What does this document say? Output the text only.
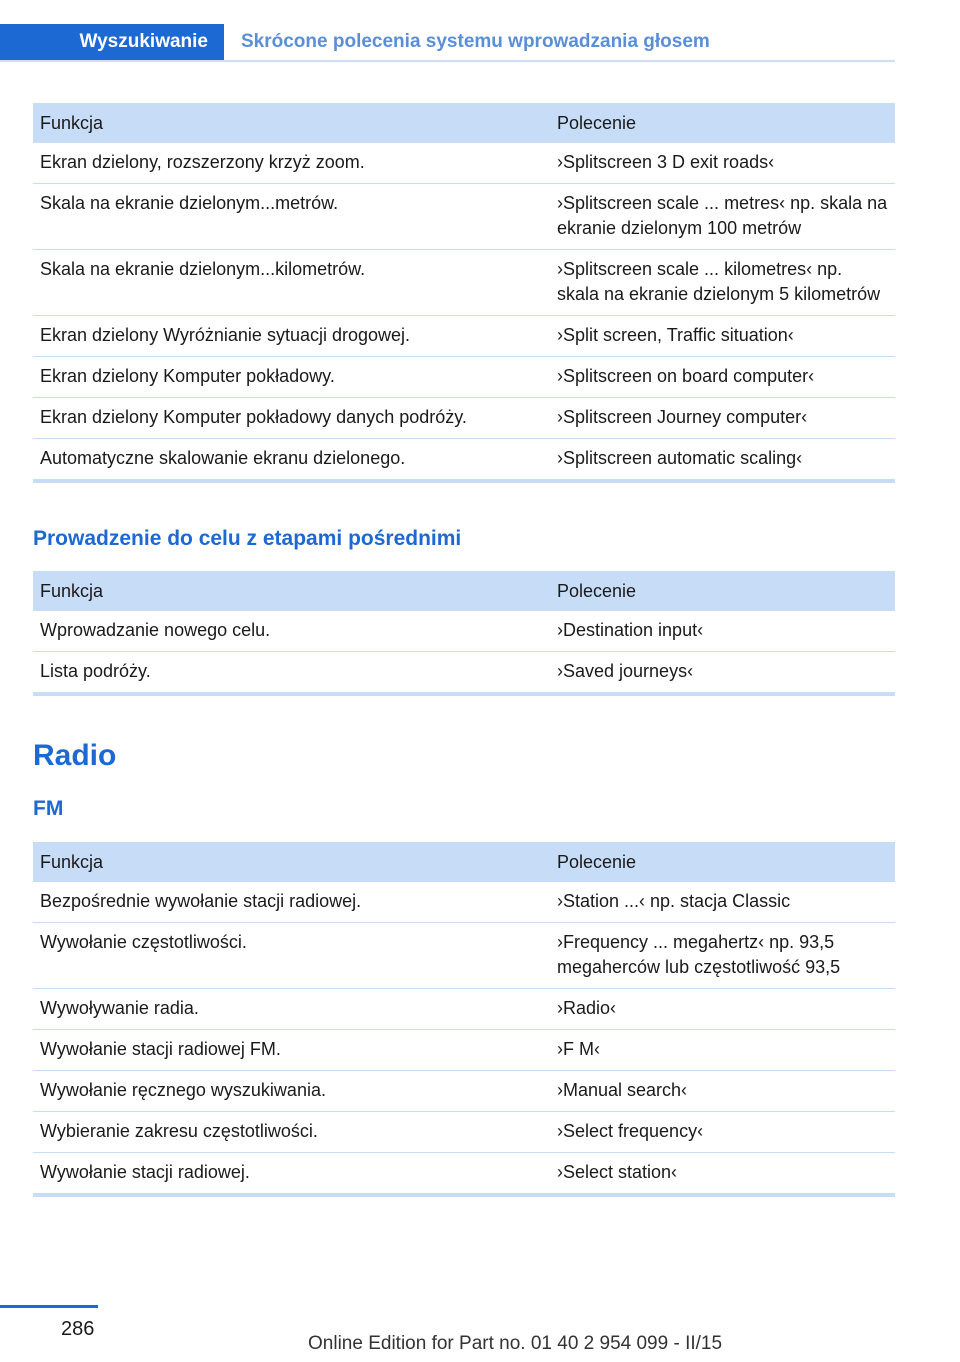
Wyszukiwanie	Skrócone polecenia systemu wprowadzania głosem
Funkcja	Polecenie
Ekran dzielony, rozszerzony krzyż zoom.	›Splitscreen 3 D exit roads‹
Skala na ekranie dzielonym...metrów.	›Splitscreen scale ... metres‹ np. skala na ekranie dzielonym 100 metrów
Skala na ekranie dzielonym...kilometrów.	›Splitscreen scale ... kilometres‹ np. skala na ekranie dzielonym 5 kilometrów
Ekran dzielony Wyróżnianie sytuacji drogowej.	›Split screen, Traffic situation‹
Ekran dzielony Komputer pokładowy.	›Splitscreen on board computer‹
Ekran dzielony Komputer pokładowy danych podróży.	›Splitscreen Journey computer‹
Automatyczne skalowanie ekranu dzielonego.	›Splitscreen automatic scaling‹
Prowadzenie do celu z etapami pośrednimi
Funkcja	Polecenie
Wprowadzanie nowego celu.	›Destination input‹
Lista podróży.	›Saved journeys‹
Radio
FM
Funkcja	Polecenie
Bezpośrednie wywołanie stacji radiowej.	›Station ...‹ np. stacja Classic
Wywołanie częstotliwości.	›Frequency ... megahertz‹ np. 93,5 megaherców lub częstotliwość 93,5
Wywoływanie radia.	›Radio‹
Wywołanie stacji radiowej FM.	›F M‹
Wywołanie ręcznego wyszukiwania.	›Manual search‹
Wybieranie zakresu częstotliwości.	›Select frequency‹
Wywołanie stacji radiowej.	›Select station‹
286
Online Edition for Part no. 01 40 2 954 099 - II/15
